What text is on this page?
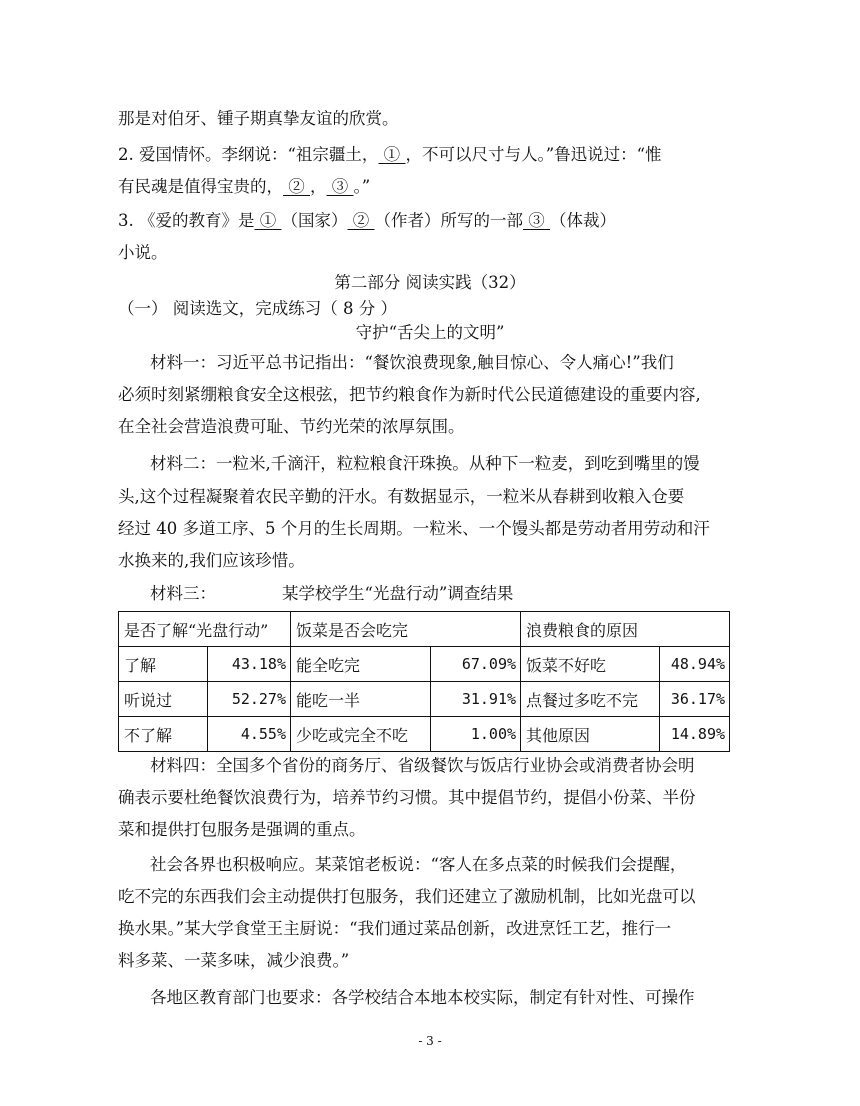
那是对伯牙、锺子期真挚友谊的欣赏。
2. 爱国情怀。李纲说：“祖宗疆土， ① ，不可以尺寸与人。”鲁迅说过：“惟
有民魂是值得宝贵的， ② ， ③ 。”
3. 《爱的教育》是 ① （国家） ② （作者）所写的一部 ③ （体裁）
小说。
第二部分 阅读实践（32）
（一） 阅读选文，完成练习（ 8 分 ）
守护“舌尖上的文明”
材料一：习近平总书记指出：“餐饮浪费现象,触目惊心、令人痛心!”我们
必须时刻紧绷粮食安全这根弦，把节约粮食作为新时代公民道德建设的重要内容,
在全社会营造浪费可耻、节约光荣的浓厚氛围。
材料二：一粒米,千滴汗，粒粒粮食汗珠换。从种下一粒麦，到吃到嘴里的馒
头,这个过程凝聚着农民辛勤的汗水。有数据显示，一粒米从春耕到收粮入仓要
经过 40 多道工序、5 个月的生长周期。一粒米、一个馒头都是劳动者用劳动和汗
水换来的,我们应该珍惜。
材料三：	某学校学生“光盘行动”调查结果
是否了解“光盘行动”		饭菜是否会吃完		浪费粮食的原因	
了解	43.18%	能全吃完	67.09%	饭菜不好吃	48.94%
听说过	52.27%	能吃一半	31.91%	点餐过多吃不完	36.17%
不了解	4.55%	少吃或完全不吃	1.00%	其他原因	14.89%
材料四：全国多个省份的商务厅、省级餐饮与饭店行业协会或消费者协会明
确表示要杜绝餐饮浪费行为，培养节约习惯。其中提倡节约，提倡小份菜、半份
菜和提供打包服务是强调的重点。
社会各界也积极响应。某菜馆老板说：“客人在多点菜的时候我们会提醒，
吃不完的东西我们会主动提供打包服务，我们还建立了激励机制，比如光盘可以
换水果。”某大学食堂王主厨说：“我们通过菜品创新，改进烹饪工艺，推行一
料多菜、一菜多味，减少浪费。”
各地区教育部门也要求：各学校结合本地本校实际，制定有针对性、可操作
- 3 -
